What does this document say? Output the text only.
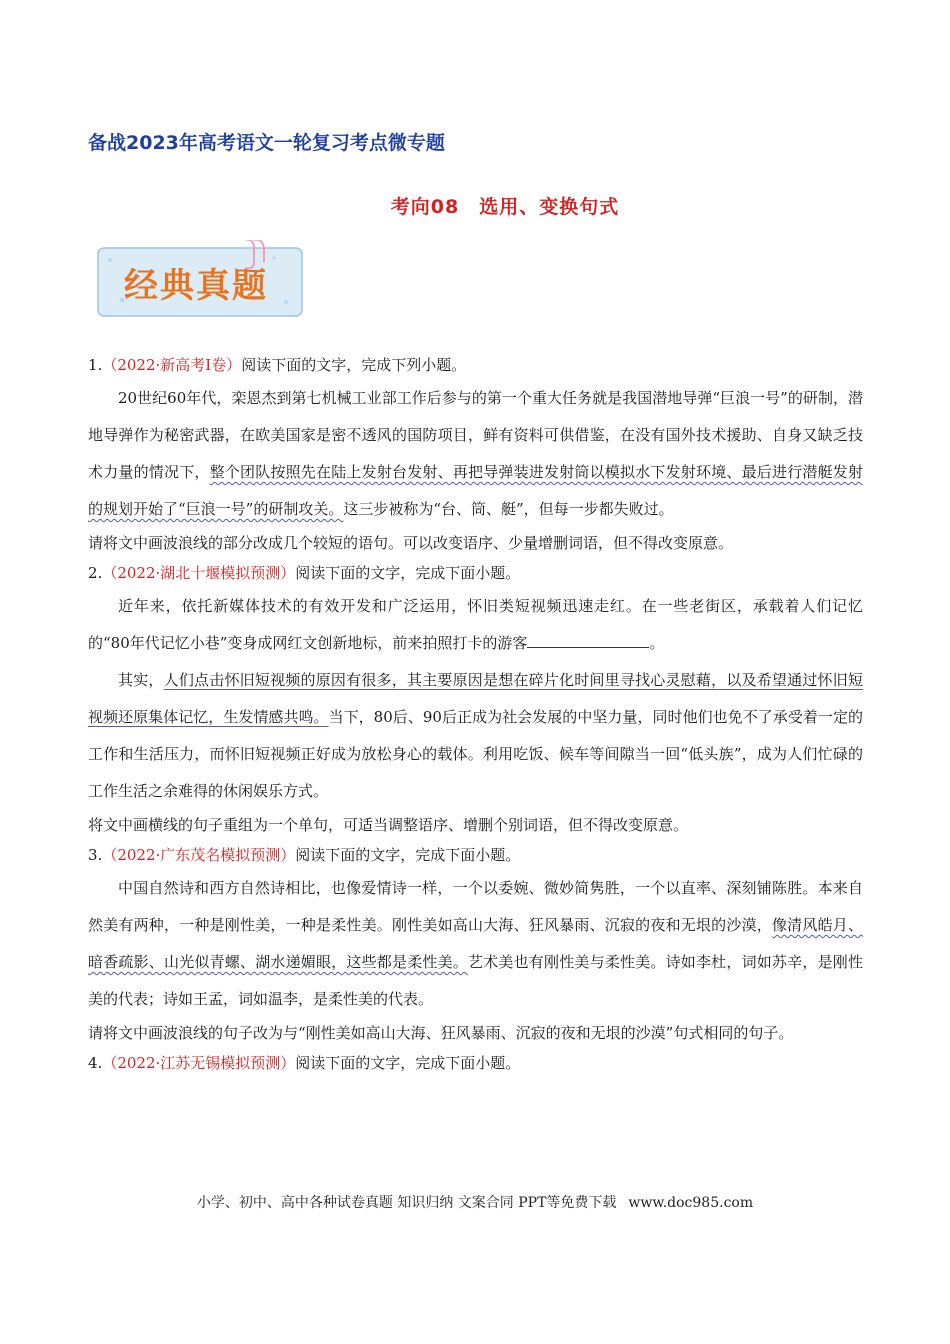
备战2023年高考语文一轮复习考点微专题
考向08　选用、变换句式
经典真题

1.（2022·新高考I卷）阅读下面的文字，完成下列小题。

20世纪60年代，栾恩杰到第七机械工业部工作后参与的第一个重大任务就是我国潜地导弹“巨浪一号”的研制，潜地导弹作为秘密武器，在欧美国家是密不透风的国防项目，鲜有资料可供借鉴，在没有国外技术援助、自身又缺乏技术力量的情况下，整个团队按照先在陆上发射台发射、再把导弹装进发射筒以模拟水下发射环境、最后进行潜艇发射的规划开始了“巨浪一号”的研制攻关。这三步被称为“台、筒、艇”，但每一步都失败过。

请将文中画波浪线的部分改成几个较短的语句。可以改变语序、少量增删词语，但不得改变原意。

2.（2022·湖北十堰模拟预测）阅读下面的文字，完成下面小题。

近年来，依托新媒体技术的有效开发和广泛运用，怀旧类短视频迅速走红。在一些老街区，承载着人们记忆的“80年代记忆小巷”变身成网红文创新地标，前来拍照打卡的游客	。

其实，人们点击怀旧短视频的原因有很多，其主要原因是想在碎片化时间里寻找心灵慰藉，以及希望通过怀旧短视频还原集体记忆，生发情感共鸣。当下，80后、90后正成为社会发展的中坚力量，同时他们也免不了承受着一定的工作和生活压力，而怀旧短视频正好成为放松身心的载体。利用吃饭、候车等间隙当一回“低头族”，成为人们忙碌的工作生活之余难得的休闲娱乐方式。

将文中画横线的句子重组为一个单句，可适当调整语序、增删个别词语，但不得改变原意。

3.（2022·广东茂名模拟预测）阅读下面的文字，完成下面小题。

中国自然诗和西方自然诗相比，也像爱情诗一样，一个以委婉、微妙简隽胜，一个以直率、深刻铺陈胜。本来自然美有两种，一种是刚性美，一种是柔性美。刚性美如高山大海、狂风暴雨、沉寂的夜和无垠的沙漠，像清风皓月、暗香疏影、山光似青螺、湖水递媚眼，这些都是柔性美。艺术美也有刚性美与柔性美。诗如李杜，词如苏辛，是刚性美的代表；诗如王孟，词如温李，是柔性美的代表。

请将文中画波浪线的句子改为与“刚性美如高山大海、狂风暴雨、沉寂的夜和无垠的沙漠”句式相同的句子。

4.（2022·江苏无锡模拟预测）阅读下面的文字，完成下面小题。

小学、初中、高中各种试卷真题 知识归纳 文案合同 PPT等免费下载 www.doc985.com
